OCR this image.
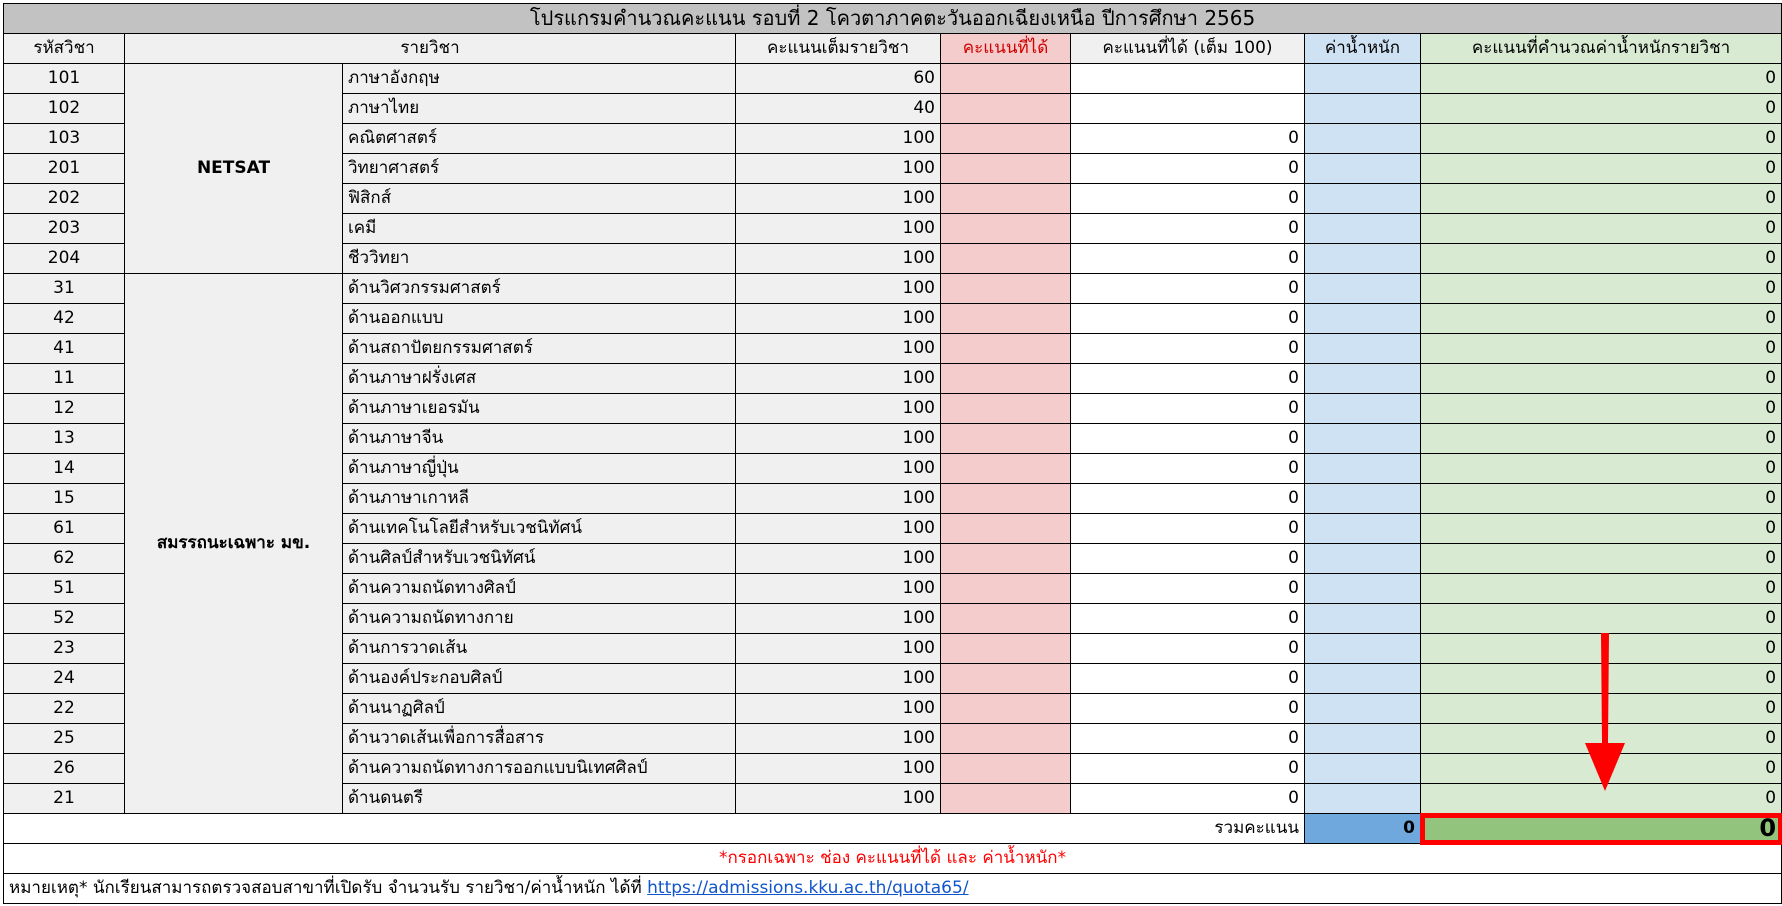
โปรแกรมคำนวณคะแนน รอบที่ 2 โควตาภาคตะวันออกเฉียงเหนือ ปีการศึกษา 2565							
รหัสวิชา	รายวิชา		คะแนนเต็มรายวิชา	คะแนนที่ได้	คะแนนที่ได้ (เต็ม 100)	ค่าน้ำหนัก	คะแนนที่คำนวณค่าน้ำหนักรายวิชา
101	NETSAT	ภาษาอังกฤษ	60				0
102		ภาษาไทย	40				0
103		คณิตศาสตร์	100		0		0
201		วิทยาศาสตร์	100		0		0
202		ฟิสิกส์	100		0		0
203		เคมี	100		0		0
204		ชีววิทยา	100		0		0
31	สมรรถนะเฉพาะ มข.	ด้านวิศวกรรมศาสตร์	100		0		0
42		ด้านออกแบบ	100		0		0
41		ด้านสถาปัตยกรรมศาสตร์	100		0		0
11		ด้านภาษาฝรั่งเศส	100		0		0
12		ด้านภาษาเยอรมัน	100		0		0
13		ด้านภาษาจีน	100		0		0
14		ด้านภาษาญี่ปุ่น	100		0		0
15		ด้านภาษาเกาหลี	100		0		0
61		ด้านเทคโนโลยีสำหรับเวชนิทัศน์	100		0		0
62		ด้านศิลป์สำหรับเวชนิทัศน์	100		0		0
51		ด้านความถนัดทางศิลป์	100		0		0
52		ด้านความถนัดทางกาย	100		0		0
23		ด้านการวาดเส้น	100		0		0
24		ด้านองค์ประกอบศิลป์	100		0		0
22		ด้านนาฏศิลป์	100		0		0
25		ด้านวาดเส้นเพื่อการสื่อสาร	100		0		0
26		ด้านความถนัดทางการออกแบบนิเทศศิลป์	100		0		0
21		ด้านดนตรี	100		0		0
รวมคะแนน						0	0
*กรอกเฉพาะ ช่อง คะแนนที่ได้ และ ค่าน้ำหนัก*							
หมายเหตุ* นักเรียนสามารถตรวจสอบสาขาที่เปิดรับ จำนวนรับ รายวิชา/ค่าน้ำหนัก ได้ที่ https://admissions.kku.ac.th/quota65/							
